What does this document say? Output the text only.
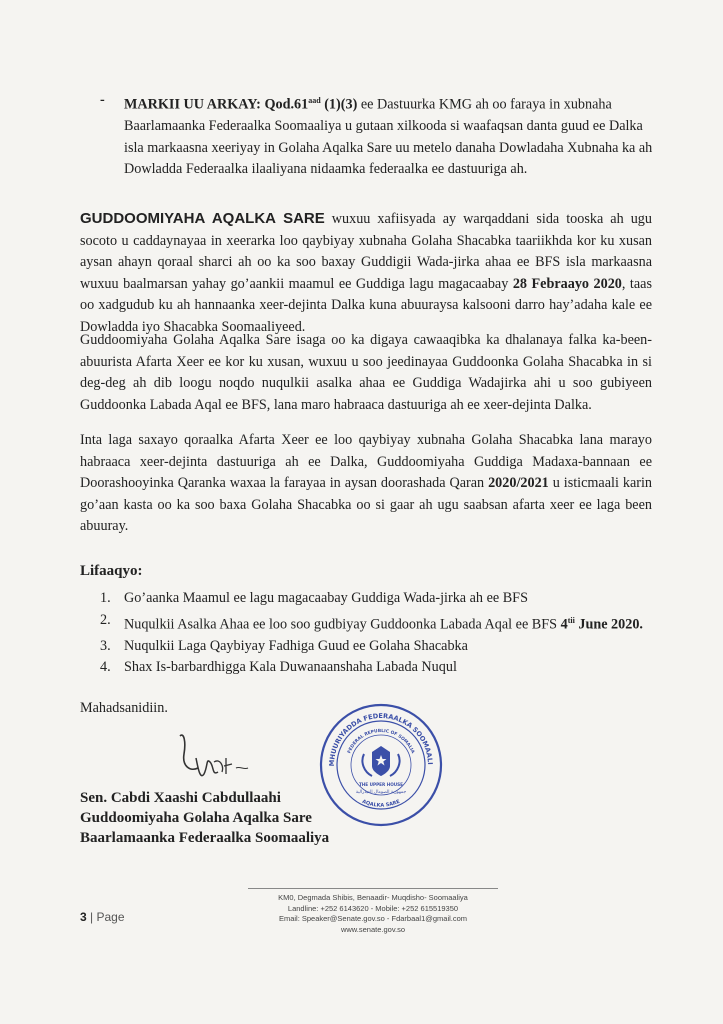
- MARKII UU ARKAY: Qod.61$^{aad}$ (1)(3) ee Dastuurka KMG ah oo faraya in xubnaha Baarlamaanka Federaalka Soomaaliya u gutaan xilkooda si waafaqsan danta guud ee Dalka isla markaasna xeeriyay in Golaha Aqalka Sare uu metelo danaha Dowladaha Xubnaha ka ah Dowladda Federaalka ilaaliyana nidaamka federaalka ee dastuuriga ah.
GUDDOOMIYAHA AQALKA SARE wuxuu xafiisyada ay warqaddani sida tooska ah ugu socoto u caddaynayaa in xeerarka loo qaybiyay xubnaha Golaha Shacabka taariikhda kor ku xusan aysan ahayn qoraal sharci ah oo ka soo baxay Guddigii Wada-jirka ahaa ee BFS isla markaasna wuxuu baalmarsan yahay go’aankii maamul ee Guddiga lagu magacaabay 28 Febraayo 2020, taas oo xadgudub ku ah hannaanka xeer-dejinta Dalka kuna abuuraysa kalsooni darro hay’adaha kale ee Dowladda iyo Shacabka Soomaaliyeed.
Guddoomiyaha Golaha Aqalka Sare isaga oo ka digaya cawaaqibka ka dhalanaya falka ka-been-abuurista Afarta Xeer ee kor ku xusan, wuxuu u soo jeedinayaa Guddoonka Golaha Shacabka in si deg-deg ah dib loogu noqdo nuqulkii asalka ahaa ee Guddiga Wadajirka ahi u soo gubiyeen Guddoonka Labada Aqal ee BFS, lana maro habraaca dastuuriga ah ee xeer-dejinta Dalka.
Inta laga saxayo qoraalka Afarta Xeer ee loo qaybiyay xubnaha Golaha Shacabka lana marayo habraaca xeer-dejinta dastuuriga ah ee Dalka, Guddoomiyaha Guddiga Madaxa-bannaan ee Doorashooyinka Qaranka waxaa la farayaa in aysan doorashada Qaran 2020/2021 u isticmaali karin go’aan kasta oo ka soo baxa Golaha Shacabka oo si gaar ah ugu saabsan afarta xeer ee laga been abuuray.
Lifaaqyo:
1. Go’aanka Maamul ee lagu magacaabay Guddiga Wada-jirka ah ee BFS
2. Nuqulkii Asalka Ahaa ee loo soo gudbiyay Guddoonka Labada Aqal ee BFS $4^{tii}$ June 2020.
3. Nuqulkii Laga Qaybiyay Fadhiga Guud ee Golaha Shacabka
4. Shax Is-barbardhigga Kala Duwanaanshaha Labada Nuqul
Mahadsanidiin.
MHUURIYADDA FEDERAALKA SOOMAALI
FEDERAL REPUBLIC OF SOMALIA
AQALKA SARE
THE UPPER HOUSE
جمهورية الصومال الفيدرالية
Sen. Cabdi Xaashi Cabdullaahi
Guddoomiyaha Golaha Aqalka Sare
Baarlamaanka Federaalka Soomaaliya
KM0, Degmada Shibis, Benaadir- Muqdisho- Soomaaliya
Landline: +252 6143620 - Mobile: +252 615519350
Email: Speaker@Senate.gov.so - Fdarbaal1@gmail.com
www.senate.gov.so
3 | Page
